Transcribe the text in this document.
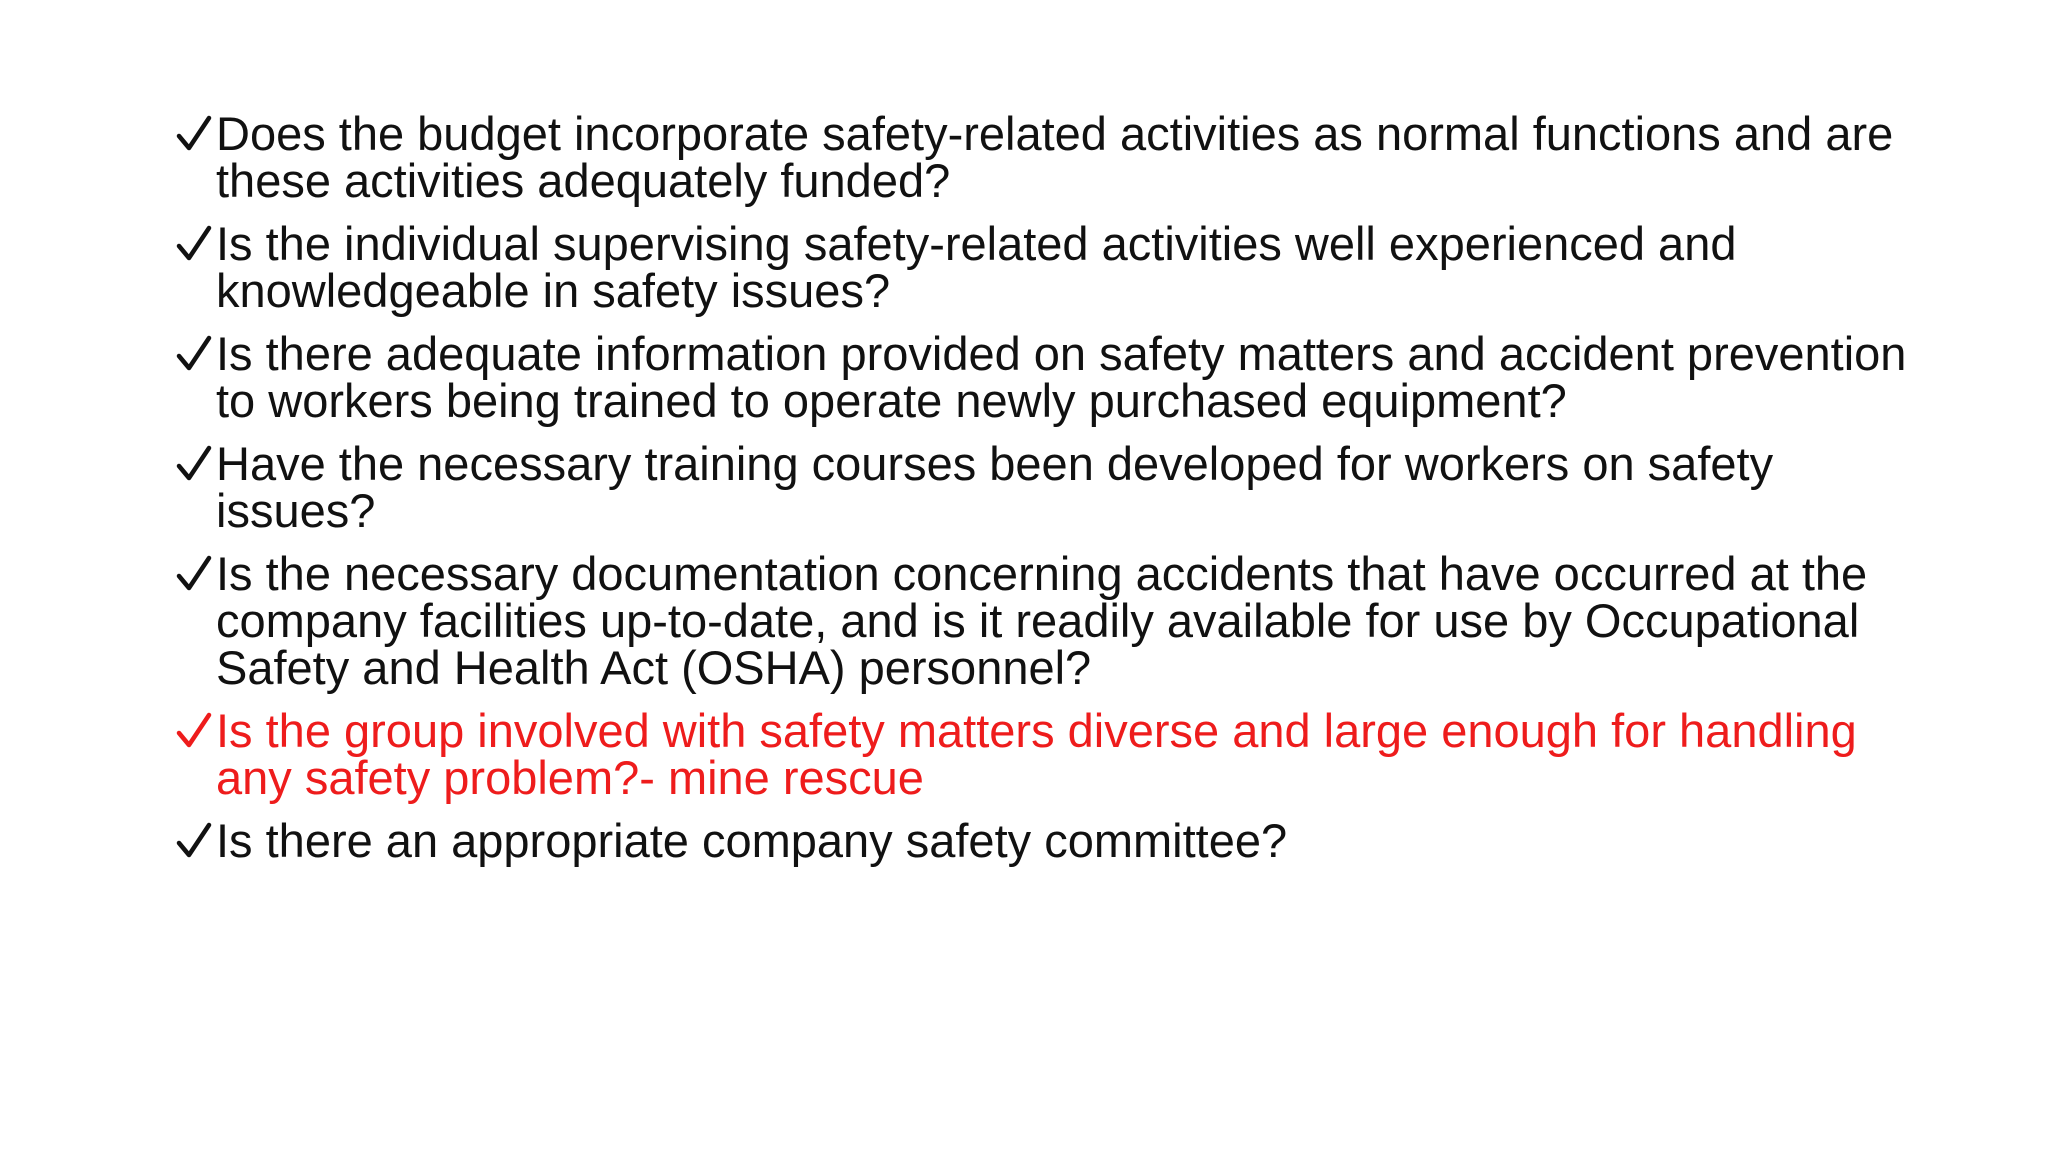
Does the budget incorporate safety-related activities as normal functions and are these activities adequately funded?
Is the individual supervising safety-related activities well experienced and knowledgeable in safety issues?
Is there adequate information provided on safety matters and accident prevention to workers being trained to operate newly purchased equipment?
Have the necessary training courses been developed for workers on safety issues?
Is the necessary documentation concerning accidents that have occurred at the company facilities up-to-date, and is it readily available for use by Occupational Safety and Health Act (OSHA) personnel?
Is the group involved with safety matters diverse and large enough for handling any safety problem?- mine rescue
Is there an appropriate company safety committee?
